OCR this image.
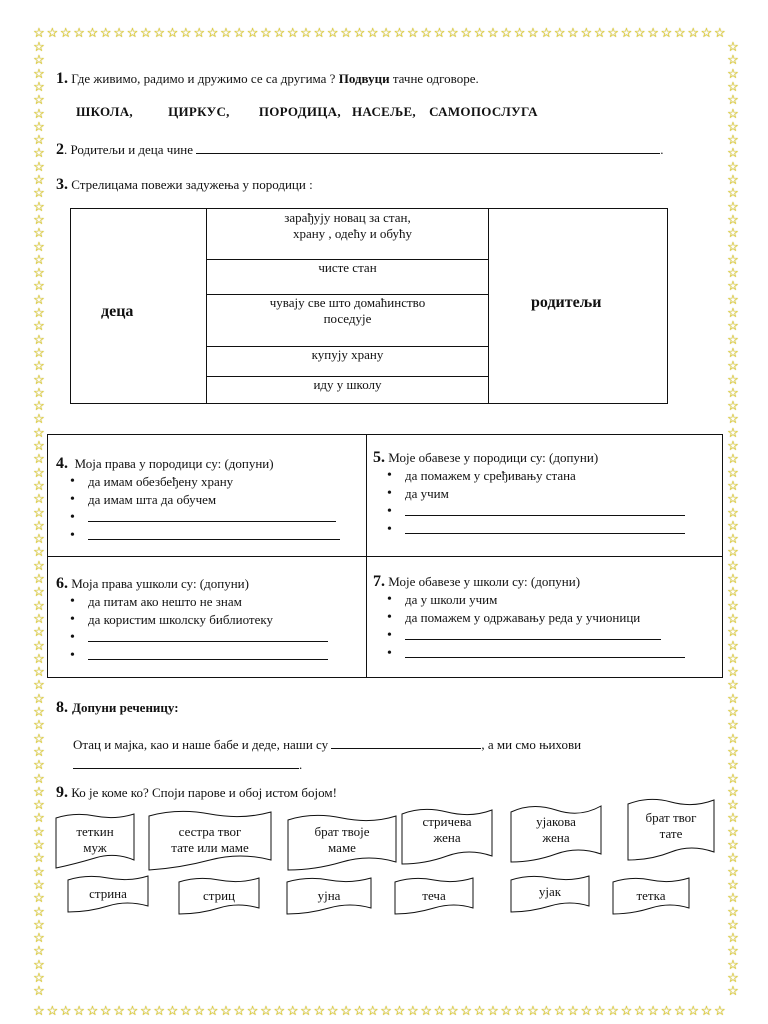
☆
☆
☆
☆
☆
☆
☆
☆
☆
☆
☆
☆
☆
☆
☆
☆
☆
☆
☆
☆
☆
☆
☆
☆
☆
☆
☆
☆
☆
☆
☆
☆
☆
☆
☆
☆
☆
☆
☆
☆
☆
☆
☆
☆
☆
☆
☆
☆
☆
☆
☆
☆
☆
☆
☆
☆
☆
☆
☆
☆
☆
☆
☆
☆
☆
☆
☆
☆
☆
☆
☆
☆
☆
☆
☆
☆
☆
☆
☆
☆
☆
☆
☆
☆
☆
☆
☆
☆
☆
☆
☆
☆
☆
☆
☆
☆
☆
☆
☆
☆
☆
☆
☆
☆
☆	☆
☆	☆
☆	☆
☆	☆
☆	☆
☆	☆
☆	☆
☆	☆
☆	☆
☆	☆
☆	☆
☆	☆
☆	☆
☆	☆
☆	☆
☆	☆
☆	☆
☆	☆
☆	☆
☆	☆
☆	☆
☆	☆
☆	☆
☆	☆
☆	☆
☆	☆
☆	☆
☆	☆
☆	☆
☆	☆
☆	☆
☆	☆
☆	☆
☆	☆
☆	☆
☆	☆
☆	☆
☆	☆
☆	☆
☆	☆
☆	☆
☆	☆
☆	☆
☆	☆
☆	☆
☆	☆
☆	☆
☆	☆
☆	☆
☆	☆
☆	☆
☆	☆
☆	☆
☆	☆
☆	☆
☆	☆
☆	☆
☆	☆
☆	☆
☆	☆
☆	☆
☆	☆
☆	☆
☆	☆
☆	☆
☆	☆
☆	☆
☆	☆
☆	☆
☆	☆
☆	☆
☆	☆
1. Где живимо, радимо и дружимо се са другима ? Подвуци тачне одговоре.
ШКОЛА,	ЦИРКУС, ПОРОДИЦА, НАСЕЉЕ, САМОПОСЛУГА
2. Родитељи и деца чине	.
3. Стрелицама повежи задужења у породици :
деца
зарађују новац за стан,
храну , одећу и обућу
чисте стан
чувају све што домаћинство
поседује
купују храну
иду у школу
родитељи
4. Моја права у породици су: (допуни)
• да имам обезбеђену храну
• да имам шта да обучем
•
•
5. Моје обавезе у породици су: (допуни)
• да помажем у сређивању стана
• да учим
•
•
6. Моја права ушколи су: (допуни)
• да питам ако нешто не знам
• да користим школску библиотеку
•
•
7. Моје обавезе у школи су: (допуни)
• да у школи учим
• да помажем у одржавању реда у учионици
•
•
8. Допуни реченицу:
Отац и мајка, као и наше бабе и деде, наши су	, а ми смо њихови
.
9. Ко је коме ко? Споји парове и обој истом бојом!
теткин
муж
сестра твог
тате или маме
брат твоје
маме
стричева
жена
ујакова
жена
брат твог
тате
стрина	стриц	ујна	теча	ујак	тетка
